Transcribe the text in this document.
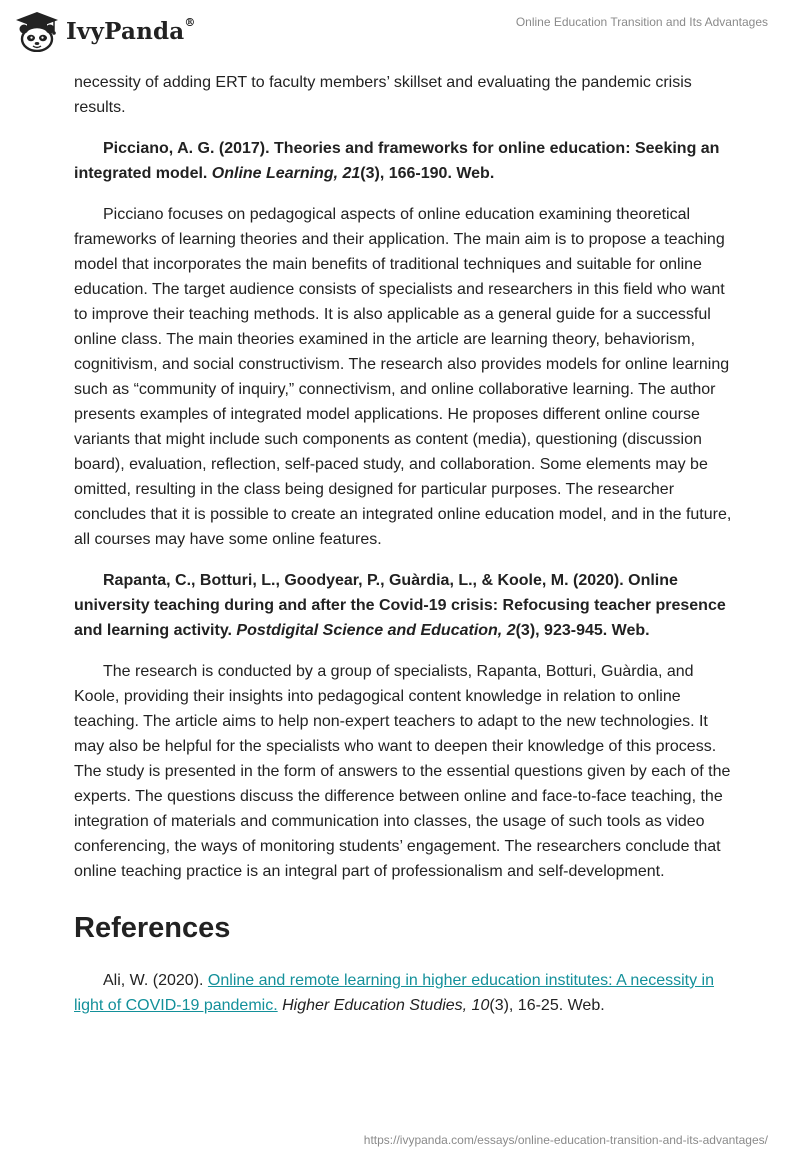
IvyPanda®	Online Education Transition and Its Advantages

necessity of adding ERT to faculty members’ skillset and evaluating the pandemic crisis results.

Picciano, A. G. (2017). Theories and frameworks for online education: Seeking an integrated model. Online Learning, 21(3), 166-190. Web.

Picciano focuses on pedagogical aspects of online education examining theoretical frameworks of learning theories and their application. The main aim is to propose a teaching model that incorporates the main benefits of traditional techniques and suitable for online education. The target audience consists of specialists and researchers in this field who want to improve their teaching methods. It is also applicable as a general guide for a successful online class. The main theories examined in the article are learning theory, behaviorism, cognitivism, and social constructivism. The research also provides models for online learning such as “community of inquiry,” connectivism, and online collaborative learning. The author presents examples of integrated model applications. He proposes different online course variants that might include such components as content (media), questioning (discussion board), evaluation, reflection, self-paced study, and collaboration. Some elements may be omitted, resulting in the class being designed for particular purposes. The researcher concludes that it is possible to create an integrated online education model, and in the future, all courses may have some online features.

Rapanta, C., Botturi, L., Goodyear, P., Guàrdia, L., & Koole, M. (2020). Online university teaching during and after the Covid-19 crisis: Refocusing teacher presence and learning activity. Postdigital Science and Education, 2(3), 923-945. Web.

The research is conducted by a group of specialists, Rapanta, Botturi, Guàrdia, and Koole, providing their insights into pedagogical content knowledge in relation to online teaching. The article aims to help non-expert teachers to adapt to the new technologies. It may also be helpful for the specialists who want to deepen their knowledge of this process. The study is presented in the form of answers to the essential questions given by each of the experts. The questions discuss the difference between online and face-to-face teaching, the integration of materials and communication into classes, the usage of such tools as video conferencing, the ways of monitoring students’ engagement. The researchers conclude that online teaching practice is an integral part of professionalism and self-development.

References

Ali, W. (2020). Online and remote learning in higher education institutes: A necessity in light of COVID-19 pandemic. Higher Education Studies, 10(3), 16-25. Web.

https://ivypanda.com/essays/online-education-transition-and-its-advantages/
